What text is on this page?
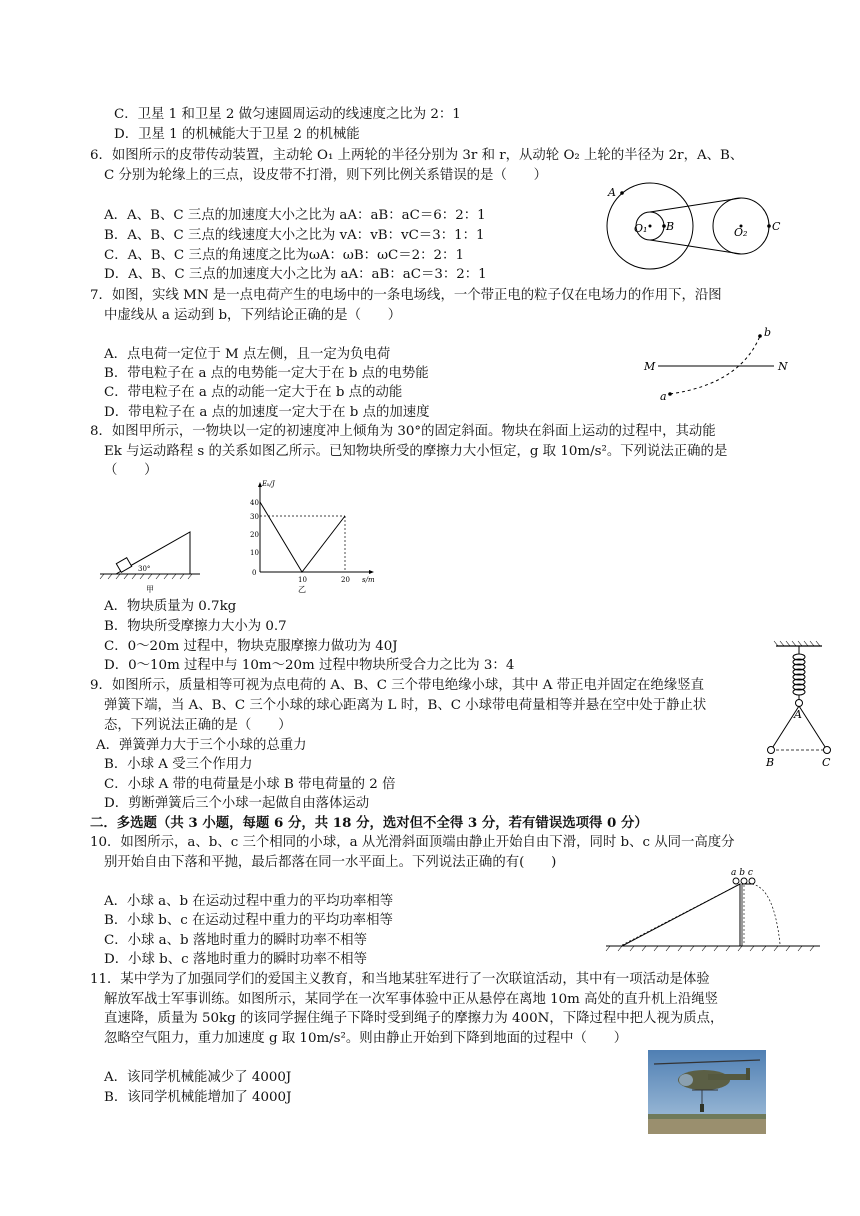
C．卫星 1 和卫星 2 做匀速圆周运动的线速度之比为 2：1
D．卫星 1 的机械能大于卫星 2 的机械能
6．如图所示的皮带传动装置，主动轮 O₁ 上两轮的半径分别为 3r 和 r，从动轮 O₂ 上轮的半径为 2r，A、B、
C 分别为轮缘上的三点，设皮带不打滑，则下列比例关系错误的是（　　）
A．A、B、C 三点的加速度大小之比为 aA：aB：aC＝6：2：1
B．A、B、C 三点的线速度大小之比为 vA：vB：vC＝3：1：1
C．A、B、C 三点的角速度之比为ωA：ωB：ωC＝2：2：1
D．A、B、C 三点的加速度大小之比为 aA：aB：aC＝3：2：1
A
B	C
O₁	O₂
7．如图，实线 MN 是一点电荷产生的电场中的一条电场线，一个带正电的粒子仅在电场力的作用下，沿图
中虚线从 a 运动到 b，下列结论正确的是（　　）
A．点电荷一定位于 M 点左侧，且一定为负电荷
B．带电粒子在 a 点的电势能一定大于在 b 点的电势能
C．带电粒子在 a 点的动能一定大于在 b 点的动能
D．带电粒子在 a 点的加速度一定大于在 b 点的加速度
M	N
a
b
8．如图甲所示，一物块以一定的初速度冲上倾角为 30°的固定斜面。物块在斜面上运动的过程中，其动能
Ek 与运动路程 s 的关系如图乙所示。已知物块所受的摩擦力大小恒定，g 取 10m/s²。下列说法正确的是
（　　）
30°
甲
Eₖ/J
s/m
40
30
20
10
0
10	20
乙
A．物块质量为 0.7kg
B．物块所受摩擦力大小为 0.7
C．0～20m 过程中，物块克服摩擦力做功为 40J
D．0～10m 过程中与 10m～20m 过程中物块所受合力之比为 3：4
9．如图所示，质量相等可视为点电荷的 A、B、C 三个带电绝缘小球，其中 A 带正电并固定在绝缘竖直
弹簧下端，当 A、B、C 三个小球的球心距离为 L 时，B、C 小球带电荷量相等并悬在空中处于静止状
态，下列说法正确的是（　　）
A．弹簧弹力大于三个小球的总重力
B．小球 A 受三个作用力
C．小球 A 带的电荷量是小球 B 带电荷量的 2 倍
D．剪断弹簧后三个小球一起做自由落体运动
A
B	C
二．多选题（共 3 小题，每题 6 分，共 18 分，选对但不全得 3 分，若有错误选项得 0 分）
10．如图所示，a、b、c 三个相同的小球，a 从光滑斜面顶端由静止开始自由下滑，同时 b、c 从同一高度分
别开始自由下落和平抛，最后都落在同一水平面上。下列说法正确的有(　　)
A．小球 a、b 在运动过程中重力的平均功率相等
B．小球 b、c 在运动过程中重力的平均功率相等
C．小球 a、b 落地时重力的瞬时功率不相等
D．小球 b、c 落地时重力的瞬时功率不相等
a b c
11．某中学为了加强同学们的爱国主义教育，和当地某驻军进行了一次联谊活动，其中有一项活动是体验
解放军战士军事训练。如图所示，某同学在一次军事体验中正从悬停在离地 10m 高处的直升机上沿绳竖
直速降，质量为 50kg 的该同学握住绳子下降时受到绳子的摩擦力为 400N，下降过程中把人视为质点，
忽略空气阻力，重力加速度 g 取 10m/s²。则由静止开始到下降到地面的过程中（　　）
A．该同学机械能减少了 4000J
B．该同学机械能增加了 4000J
